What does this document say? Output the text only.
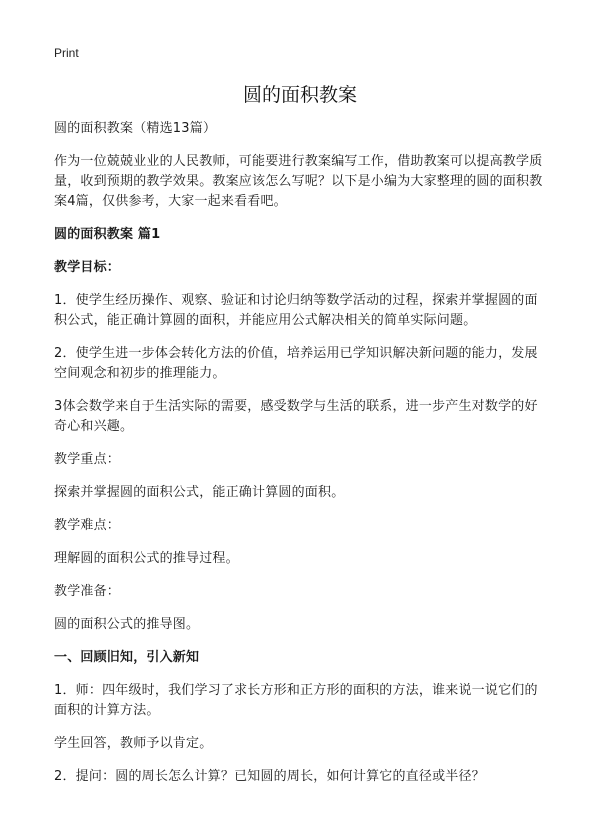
Print
圆的面积教案

圆的面积教案（精选13篇）

作为一位兢兢业业的人民教师，可能要进行教案编写工作，借助教案可以提高教学质量，收到预期的教学效果。教案应该怎么写呢？以下是小编为大家整理的圆的面积教案4篇，仅供参考，大家一起来看看吧。

圆的面积教案 篇1

教学目标：

1．使学生经历操作、观察、验证和讨论归纳等数学活动的过程，探索并掌握圆的面积公式，能正确计算圆的面积，并能应用公式解决相关的简单实际问题。

2．使学生进一步体会转化方法的价值，培养运用已学知识解决新问题的能力，发展空间观念和初步的推理能力。

3体会数学来自于生活实际的需要，感受数学与生活的联系，进一步产生对数学的好奇心和兴趣。

教学重点：

探索并掌握圆的面积公式，能正确计算圆的面积。

教学难点：

理解圆的面积公式的推导过程。

教学准备：

圆的面积公式的推导图。

一、回顾旧知，引入新知

1．师：四年级时，我们学习了求长方形和正方形的面积的方法，谁来说一说它们的面积的计算方法。

学生回答，教师予以肯定。

2．提问：圆的周长怎么计算？已知圆的周长，如何计算它的直径或半径？
